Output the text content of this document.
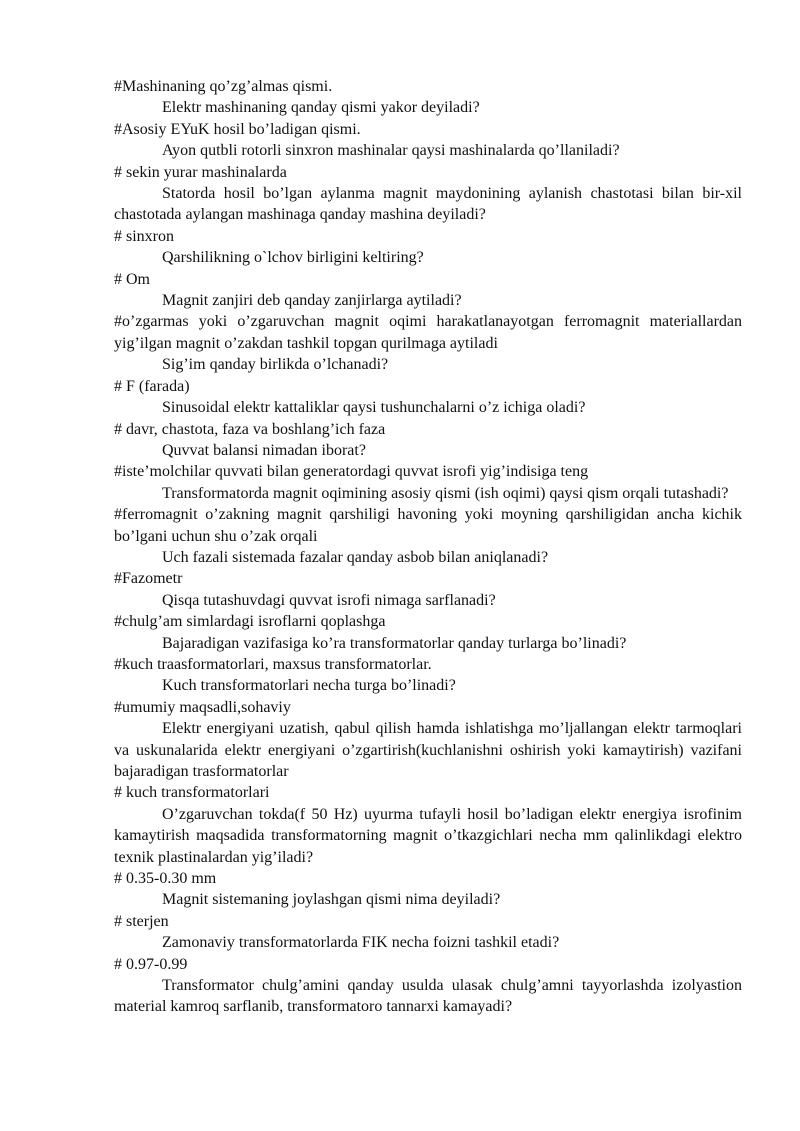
#Mashinaning qo’zg’almas qismi.

Elektr mashinaning qanday qismi yakor deyiladi?

#Asosiy EYuK hosil bo’ladigan qismi.

Ayon qutbli rotorli sinxron mashinalar qaysi mashinalarda qo’llaniladi?

# sekin yurar mashinalarda

Statorda hosil bo’lgan aylanma magnit maydonining aylanish chastotasi bilan bir-xil chastotada aylangan mashinaga qanday mashina deyiladi?

# sinxron

Qarshilikning o`lchov birligini keltiring?

# Om

Magnit zanjiri deb qanday zanjirlarga aytiladi?

#o’zgarmas yoki o’zgaruvchan magnit oqimi harakatlanayotgan ferromagnit materiallardan yig’ilgan magnit o’zakdan tashkil topgan qurilmaga aytiladi

Sig’im qanday birlikda o’lchanadi?

# F (farada)

Sinusoidal elektr kattaliklar qaysi tushunchalarni o’z ichiga oladi?

# davr, chastota, faza va boshlang’ich faza

Quvvat balansi nimadan iborat?

#iste’molchilar quvvati bilan generatordagi quvvat isrofi yig’indisiga teng

Transformatorda magnit oqimining asosiy qismi (ish oqimi) qaysi qism orqali tutashadi?

#ferromagnit o’zakning magnit qarshiligi havoning yoki moyning qarshiligidan ancha kichik bo’lgani uchun shu o’zak orqali

Uch fazali sistemada fazalar qanday asbob bilan aniqlanadi?

#Fazometr

Qisqa tutashuvdagi quvvat isrofi nimaga sarflanadi?

#chulg’am simlardagi isroflarni qoplashga

Bajaradigan vazifasiga ko’ra transformatorlar qanday turlarga bo’linadi?

#kuch traasformatorlari, maxsus transformatorlar.

Kuch transformatorlari necha turga bo’linadi?

#umumiy maqsadli,sohaviy

Elektr energiyani uzatish, qabul qilish hamda ishlatishga mo’ljallangan elektr tarmoqlari va uskunalarida elektr energiyani o’zgartirish(kuchlanishni oshirish yoki kamaytirish) vazifani bajaradigan trasformatorlar

# kuch transformatorlari

O’zgaruvchan tokda(f 50 Hz) uyurma tufayli hosil bo’ladigan elektr energiya isrofinim kamaytirish maqsadida transformatorning magnit o’tkazgichlari necha mm qalinlikdagi elektro texnik plastinalardan yig’iladi?

# 0.35-0.30 mm

Magnit sistemaning joylashgan qismi nima deyiladi?

# sterjen

Zamonaviy transformatorlarda FIK necha foizni tashkil etadi?

# 0.97-0.99

Transformator chulg’amini qanday usulda ulasak chulg’amni tayyorlashda izolyastion material kamroq sarflanib, transformatoro tannarxi kamayadi?
